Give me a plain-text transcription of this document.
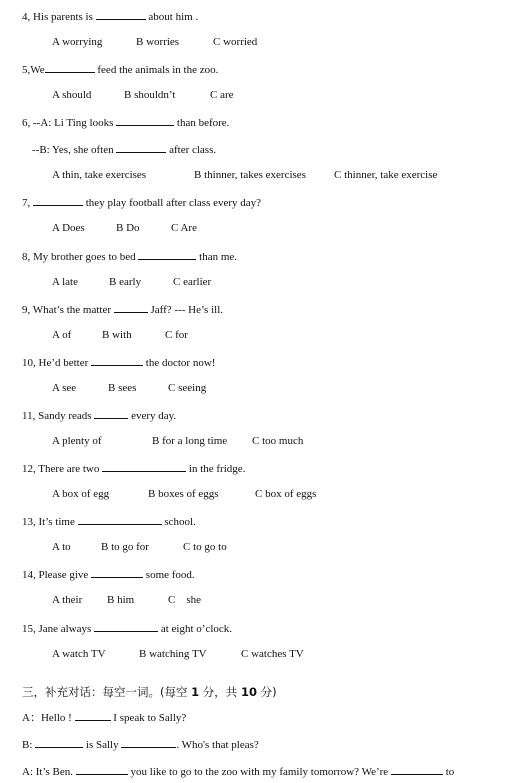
4, His parents is	about him .
A worrying	B worries	C worried
5,We	feed the animals in the zoo.
A should	B shouldn’t	C are
6, --A: Li Ting looks	than before.
--B: Yes, she often	after class.
A thin, take exercises	B thinner, takes exercises	C thinner, take exercise
7,	they play football after class every day?
A Does	B Do	C Are
8, My brother goes to bed	than me.
A late	B early	C earlier
9, What’s the matter	Jaff? --- He’s ill.
A of	B with	C for
10, He’d better	the doctor now!
A see	B sees	C seeing
11, Sandy reads	every day.
A plenty of	B for a long time C too much
12, There are two	in the fridge.
A box of egg	B boxes of eggs	C box of eggs
13, It’s time	school.
A to	B to go for	C to go to
14, Please give	some food.
A their B him	C    she
15, Jane always	at eight o’clock.
A watch TV	B watching TV	C watches TV
三，补充对话：每空一词。(每空 1 分，共 10 分)
A：Hello !	I speak to Sally?
B:	is Sally	. Who's that pleas?
A: It’s Ben.	you like to go to the zoo with my family tomorrow? We’re	to
